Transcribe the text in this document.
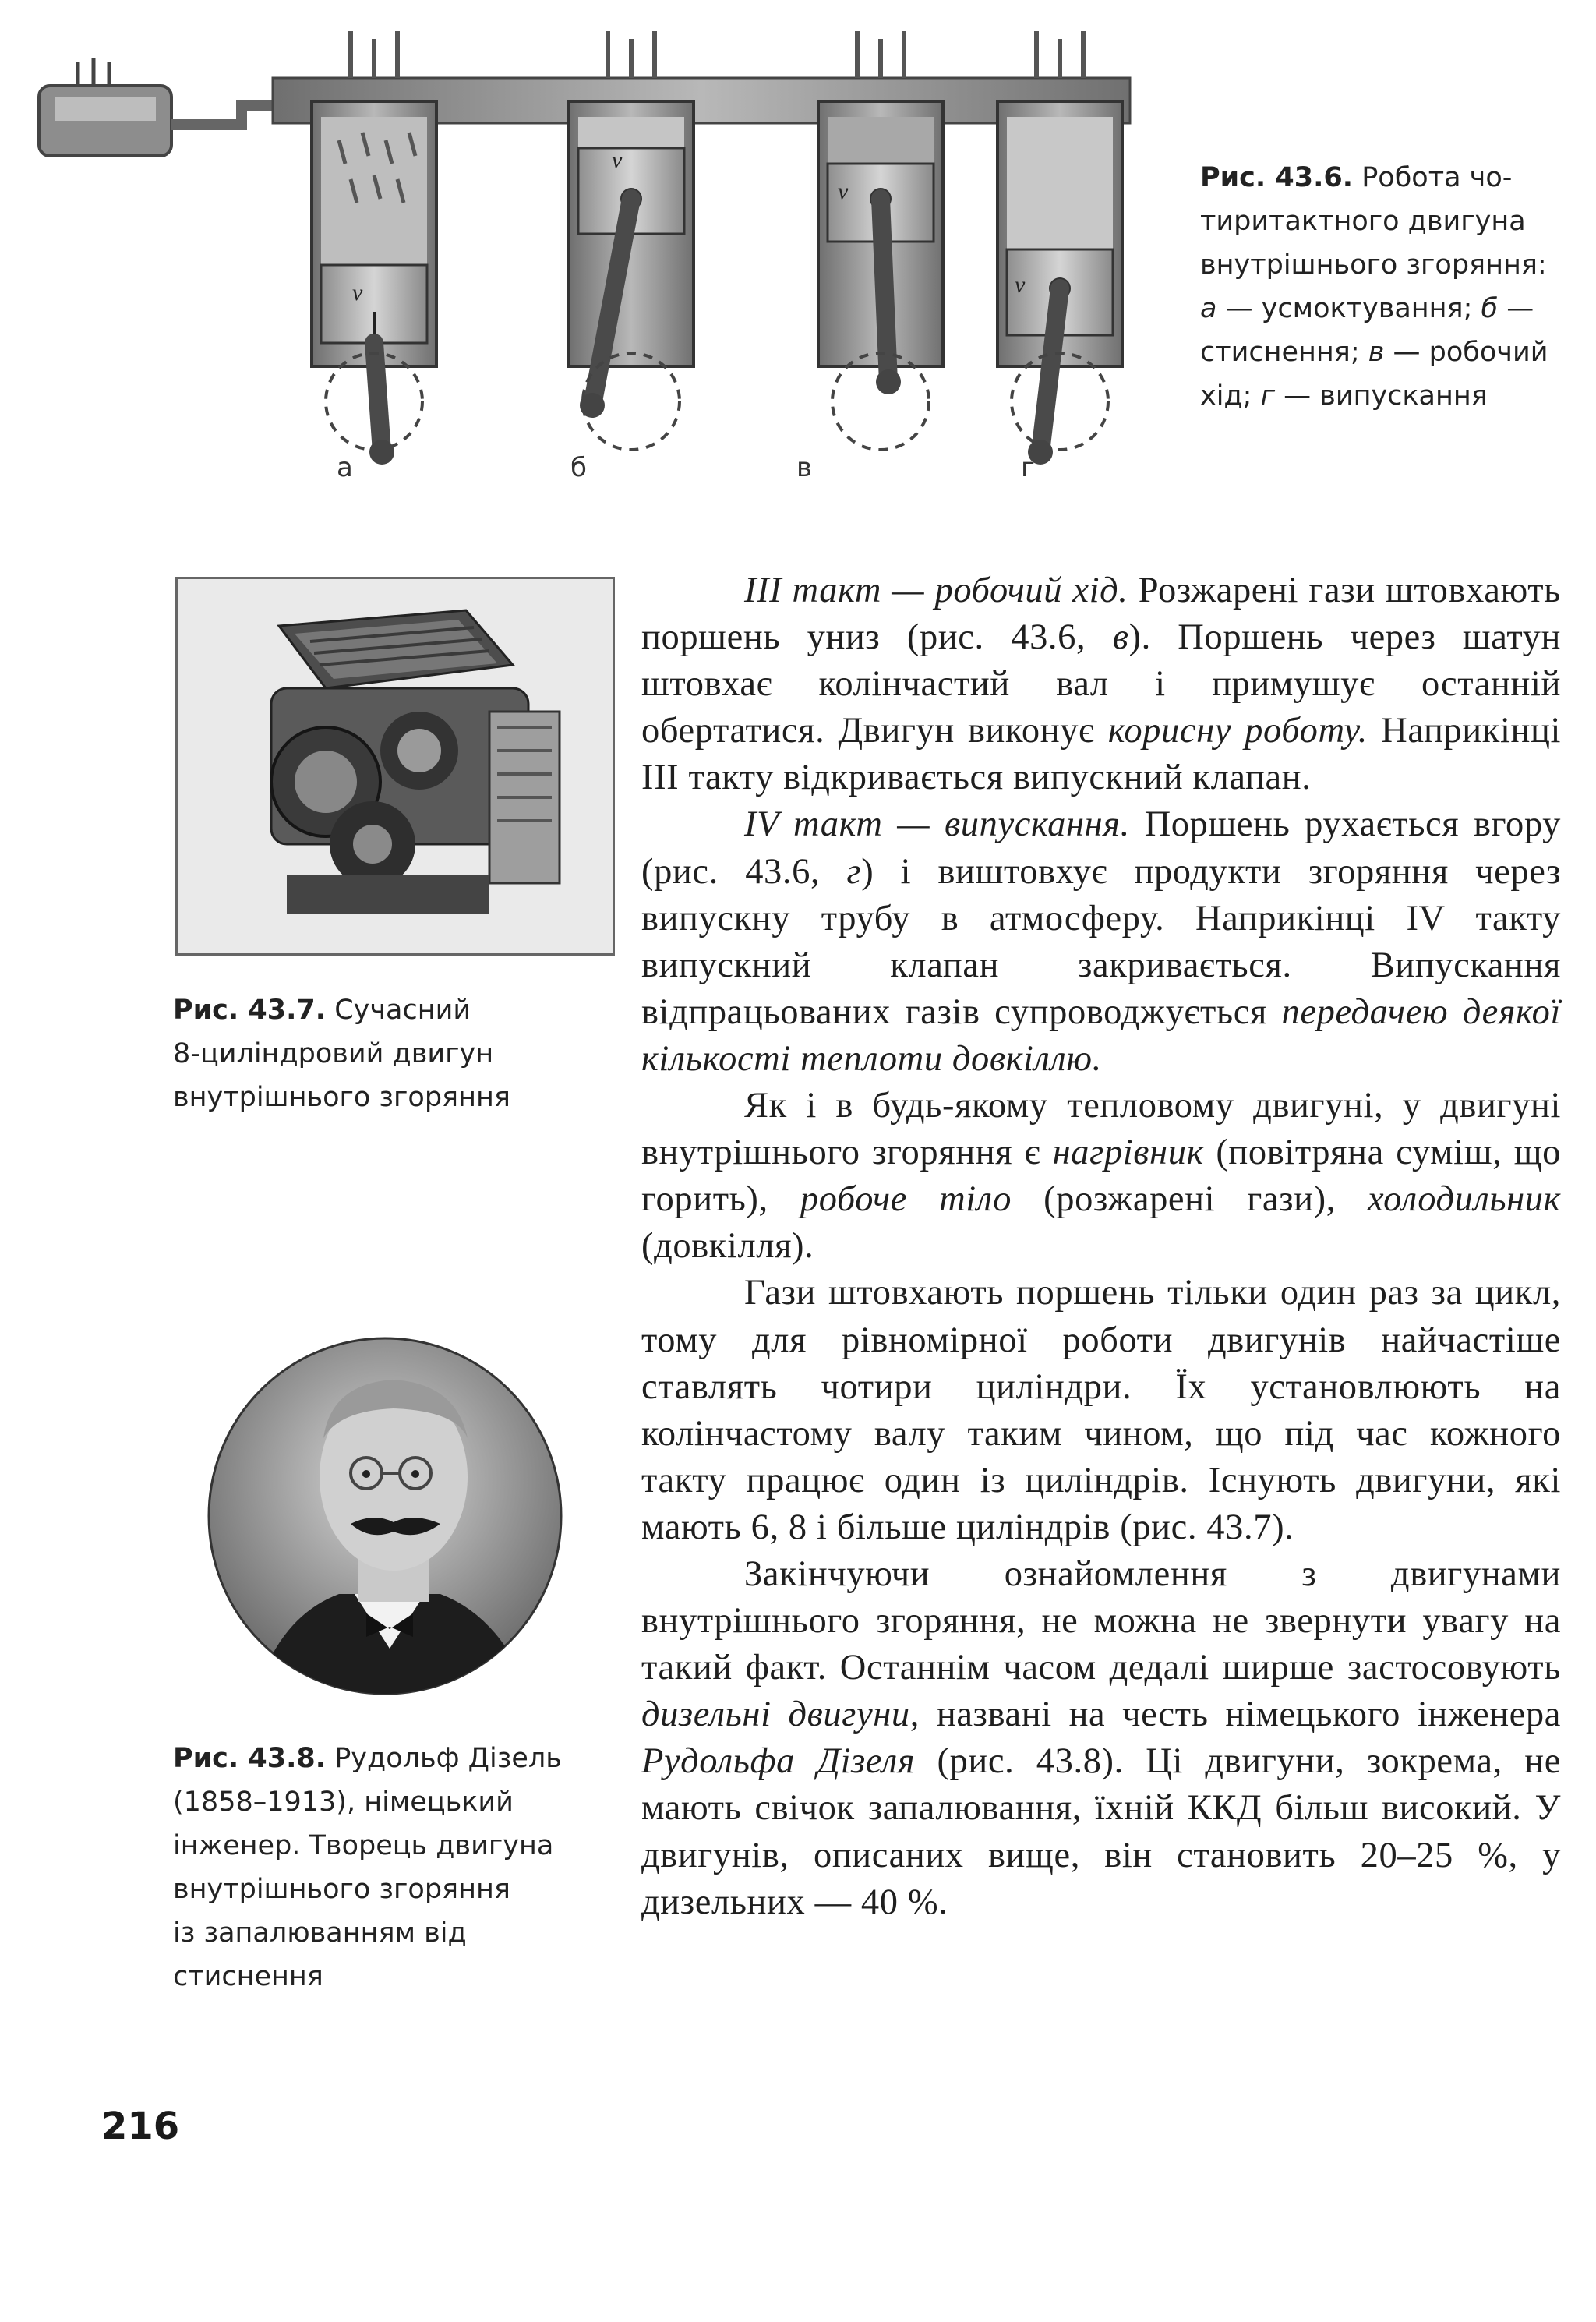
v
v
v
v
а	б	в	г
Рис. 43.6. Робота чо-
тиритактного двигуна
внутрішнього згоряння:
а — усмоктування; б —
стиснення; в — робочий
хід; г — випускання
Рис. 43.7. Сучасний
8-циліндровий двигун
внутрішнього згоряння
Рис. 43.8. Рудольф Дізель
(1858–1913), німецький
інженер. Творець двигуна
внутрішнього згоряння
із запалюванням від
стиснення

III такт — робочий хід. Розжарені гази штовхають поршень униз (рис. 43.6, в). Поршень через шатун штовхає колінчастий вал і примушує останній обертатися. Двигун виконує корисну роботу. Наприкінці III такту відкривається випускний клапан.

IV такт — випускання. Поршень рухається вгору (рис. 43.6, г) і виштовхує продукти згоряння через випускну трубу в атмосферу. Наприкінці IV такту випускний клапан закривається. Випускання відпрацьованих газів супроводжується передачею деякої кількості теплоти довкіллю.

Як і в будь-якому тепловому двигуні, у двигуні внутрішнього згоряння є нагрівник (повітряна суміш, що горить), робоче тіло (розжарені гази), холодильник (довкілля).

Гази штовхають поршень тільки один раз за цикл, тому для рівномірної роботи двигунів найчастіше ставлять чотири циліндри. Їх установлюють на колінчастому валу таким чином, що під час кожного такту працює один із циліндрів. Існують двигуни, які мають 6, 8 і більше циліндрів (рис. 43.7).

Закінчуючи ознайомлення з двигунами внутрішнього згоряння, не можна не звернути увагу на такий факт. Останнім часом дедалі ширше застосовують дизельні двигуни, названі на честь німецького інженера Рудольфа Дізеля (рис. 43.8). Ці двигуни, зокрема, не мають свічок запалювання, їхній ККД більш високий. У двигунів, описаних вище, він становить 20–25 %, у дизельних — 40 %.

216
